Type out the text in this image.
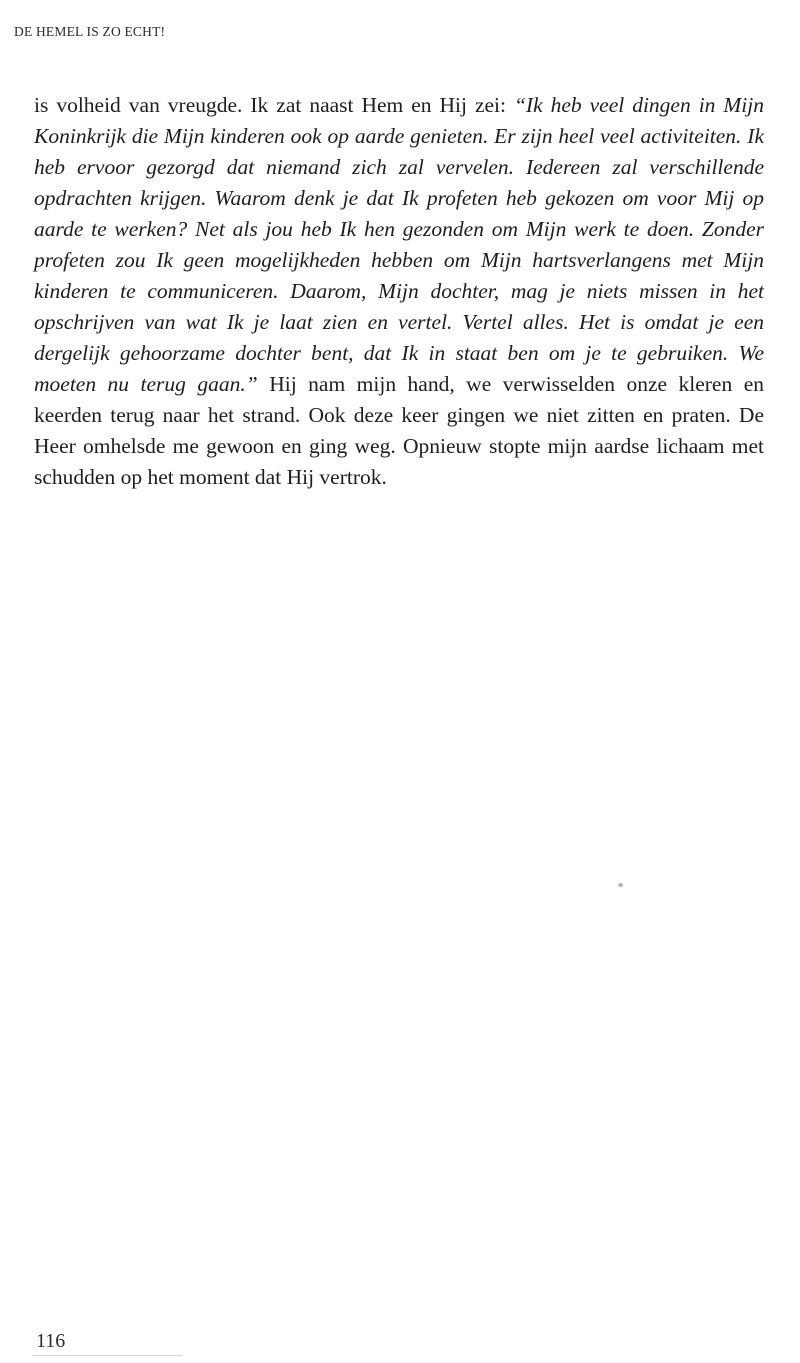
DE HEMEL IS ZO ECHT!

is volheid van vreugde. Ik zat naast Hem en Hij zei: “Ik heb veel dingen in Mijn Koninkrijk die Mijn kinderen ook op aarde genieten. Er zijn heel veel activiteiten. Ik heb ervoor gezorgd dat niemand zich zal vervelen. Iedereen zal verschillende opdrachten krijgen. Waarom denk je dat Ik profeten heb gekozen om voor Mij op aarde te werken? Net als jou heb Ik hen gezonden om Mijn werk te doen. Zonder profeten zou Ik geen mogelijkheden hebben om Mijn hartsverlangens met Mijn kinderen te communiceren. Daarom, Mijn dochter, mag je niets missen in het opschrijven van wat Ik je laat zien en vertel. Vertel alles. Het is omdat je een dergelijk gehoorzame dochter bent, dat Ik in staat ben om je te gebruiken. We moeten nu terug gaan.” Hij nam mijn hand, we verwisselden onze kleren en keerden terug naar het strand. Ook deze keer gingen we niet zitten en praten. De Heer omhelsde me gewoon en ging weg. Opnieuw stopte mijn aardse lichaam met schudden op het moment dat Hij vertrok.

116
